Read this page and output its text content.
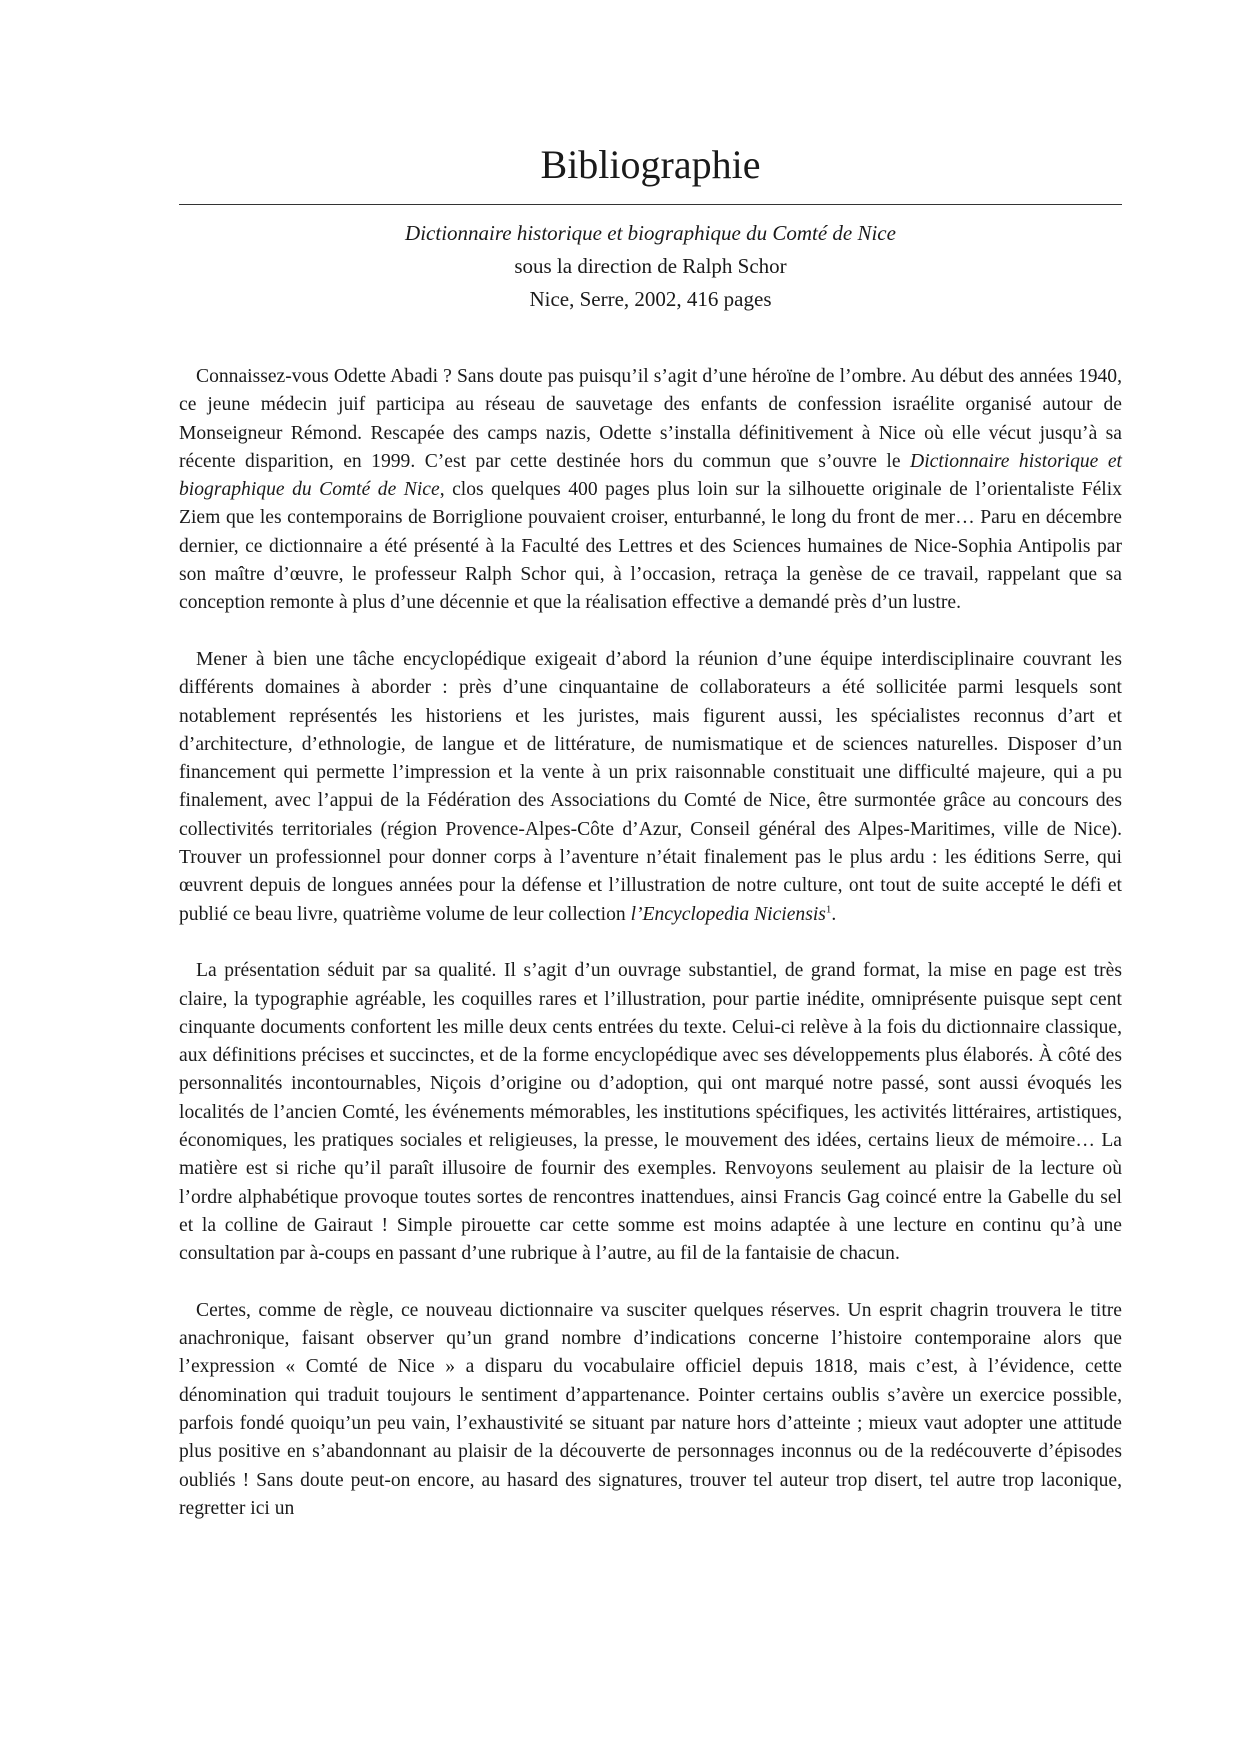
Bibliographie
Dictionnaire historique et biographique du Comté de Nice
sous la direction de Ralph Schor
Nice, Serre, 2002, 416 pages

Connaissez-vous Odette Abadi ? Sans doute pas puisqu’il s’agit d’une héroïne de l’ombre. Au début des années 1940, ce jeune médecin juif participa au réseau de sauvetage des enfants de confession israélite organisé autour de Monseigneur Rémond. Rescapée des camps nazis, Odette s’installa définitivement à Nice où elle vécut jusqu’à sa récente disparition, en 1999. C’est par cette destinée hors du commun que s’ouvre le Dictionnaire historique et biographique du Comté de Nice, clos quelques 400 pages plus loin sur la silhouette originale de l’orientaliste Félix Ziem que les contemporains de Borriglione pouvaient croiser, enturbanné, le long du front de mer… Paru en décembre dernier, ce dictionnaire a été présenté à la Faculté des Lettres et des Sciences humaines de Nice-Sophia Antipolis par son maître d’œuvre, le professeur Ralph Schor qui, à l’occasion, retraça la genèse de ce travail, rappelant que sa conception remonte à plus d’une décennie et que la réalisation effective a demandé près d’un lustre.

Mener à bien une tâche encyclopédique exigeait d’abord la réunion d’une équipe interdisciplinaire couvrant les différents domaines à aborder : près d’une cinquantaine de collaborateurs a été sollicitée parmi lesquels sont notablement représentés les historiens et les juristes, mais figurent aussi, les spécialistes reconnus d’art et d’architecture, d’ethnologie, de langue et de littérature, de numismatique et de sciences naturelles. Disposer d’un financement qui permette l’impression et la vente à un prix raisonnable constituait une difficulté majeure, qui a pu finalement, avec l’appui de la Fédération des Associations du Comté de Nice, être surmontée grâce au concours des collectivités territoriales (région Provence-Alpes-Côte d’Azur, Conseil général des Alpes-Maritimes, ville de Nice). Trouver un professionnel pour donner corps à l’aventure n’était finalement pas le plus ardu : les éditions Serre, qui œuvrent depuis de longues années pour la défense et l’illustration de notre culture, ont tout de suite accepté le défi et publié ce beau livre, quatrième volume de leur collection l’Encyclopedia Niciensis$^1$.

La présentation séduit par sa qualité. Il s’agit d’un ouvrage substantiel, de grand format, la mise en page est très claire, la typographie agréable, les coquilles rares et l’illustration, pour partie inédite, omniprésente puisque sept cent cinquante documents confortent les mille deux cents entrées du texte. Celui-ci relève à la fois du dictionnaire classique, aux définitions précises et succinctes, et de la forme encyclopédique avec ses développements plus élaborés. À côté des personnalités incontournables, Niçois d’origine ou d’adoption, qui ont marqué notre passé, sont aussi évoqués les localités de l’ancien Comté, les événements mémorables, les institutions spécifiques, les activités littéraires, artistiques, économiques, les pratiques sociales et religieuses, la presse, le mouvement des idées, certains lieux de mémoire… La matière est si riche qu’il paraît illusoire de fournir des exemples. Renvoyons seulement au plaisir de la lecture où l’ordre alphabétique provoque toutes sortes de rencontres inattendues, ainsi Francis Gag coincé entre la Gabelle du sel et la colline de Gairaut ! Simple pirouette car cette somme est moins adaptée à une lecture en continu qu’à une consultation par à-coups en passant d’une rubrique à l’autre, au fil de la fantaisie de chacun.

Certes, comme de règle, ce nouveau dictionnaire va susciter quelques réserves. Un esprit chagrin trouvera le titre anachronique, faisant observer qu’un grand nombre d’indications concerne l’histoire contemporaine alors que l’expression « Comté de Nice » a disparu du vocabulaire officiel depuis 1818, mais c’est, à l’évidence, cette dénomination qui traduit toujours le sentiment d’appartenance. Pointer certains oublis s’avère un exercice possible, parfois fondé quoiqu’un peu vain, l’exhaustivité se situant par nature hors d’atteinte ; mieux vaut adopter une attitude plus positive en s’abandonnant au plaisir de la découverte de personnages inconnus ou de la redécouverte d’épisodes oubliés ! Sans doute peut-on encore, au hasard des signatures, trouver tel auteur trop disert, tel autre trop laconique, regretter ici un
